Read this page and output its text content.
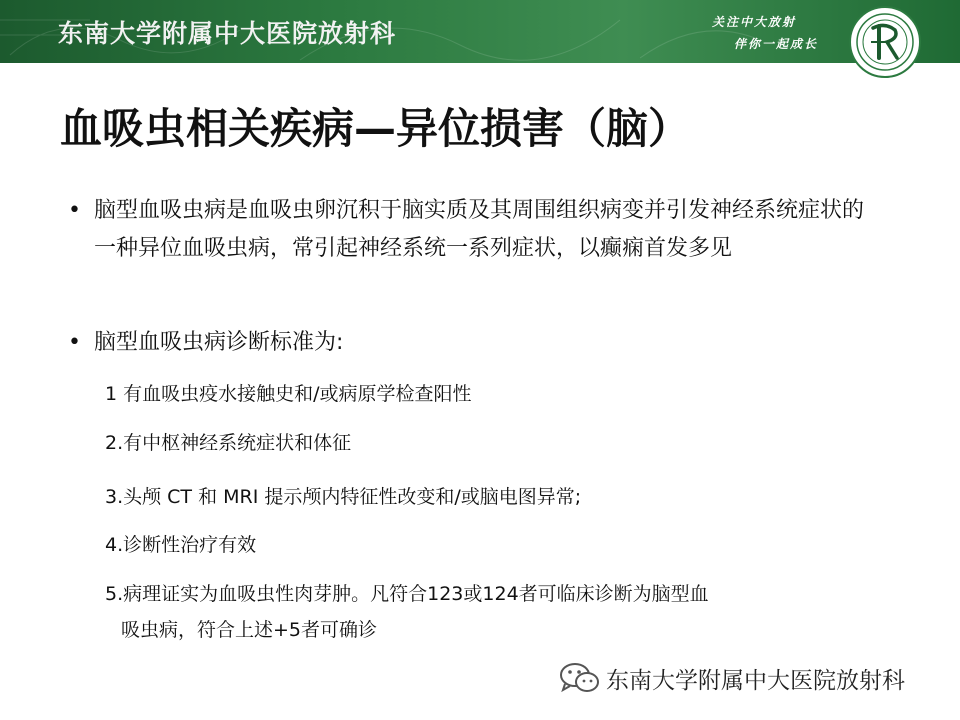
东南大学附属中大医院放射科	关注中大放射
伴你一起成长
血吸虫相关疾病—异位损害（脑）
• 脑型血吸虫病是血吸虫卵沉积于脑实质及其周围组织病变并引发神经系统症状的一种异位血吸虫病，常引起神经系统一系列症状，以癫痫首发多见
• 脑型血吸虫病诊断标准为:
1 有血吸虫疫水接触史和/或病原学检查阳性
2.有中枢神经系统症状和体征
3.头颅 CT 和 MRI 提示颅内特征性改变和/或脑电图异常;
4.诊断性治疗有效
5.病理证实为血吸虫性肉芽肿。凡符合123或124者可临床诊断为脑型血
吸虫病，符合上述+5者可确诊
东南大学附属中大医院放射科
